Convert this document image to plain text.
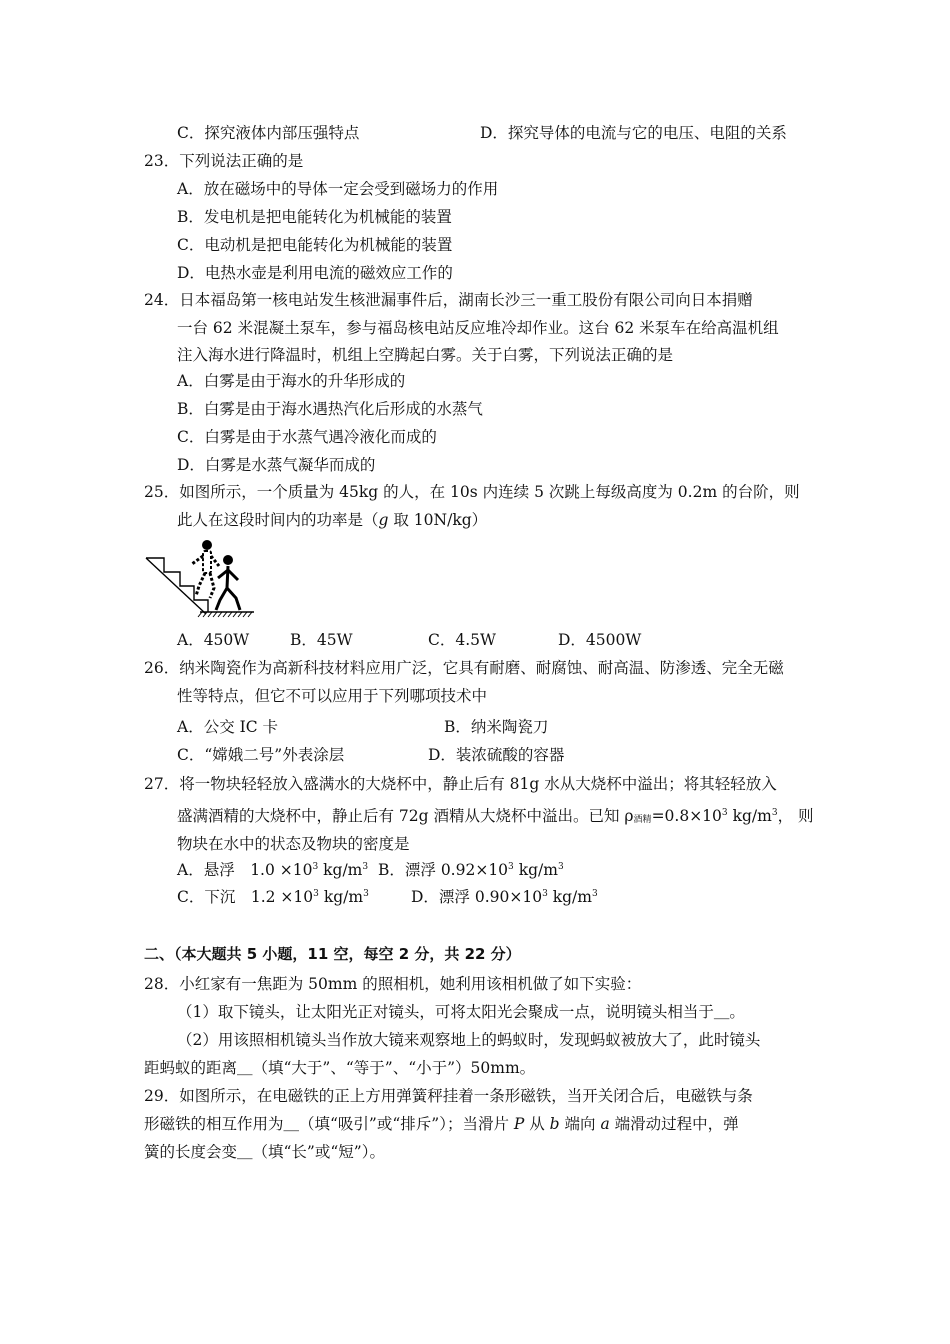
C．探究液体内部压强特点	D．探究导体的电流与它的电压、电阻的关系
23．下列说法正确的是
A．放在磁场中的导体一定会受到磁场力的作用
B．发电机是把电能转化为机械能的装置
C．电动机是把电能转化为机械能的装置
D．电热水壶是利用电流的磁效应工作的
24．日本福岛第一核电站发生核泄漏事件后，湖南长沙三一重工股份有限公司向日本捐赠
一台 62 米混凝土泵车，参与福岛核电站反应堆冷却作业。这台 62 米泵车在给高温机组
注入海水进行降温时，机组上空腾起白雾。关于白雾，下列说法正确的是
A．白雾是由于海水的升华形成的
B．白雾是由于海水遇热汽化后形成的水蒸气
C．白雾是由于水蒸气遇冷液化而成的
D．白雾是水蒸气凝华而成的
25．如图所示，一个质量为 45kg 的人，在 10s 内连续 5 次跳上每级高度为 0.2m 的台阶，则
此人在这段时间内的功率是（g 取 10N/kg）
A．450W	B．45W	C．4.5W	D．4500W
26．纳米陶瓷作为高新科技材料应用广泛，它具有耐磨、耐腐蚀、耐高温、防渗透、完全无磁
性等特点，但它不可以应用于下列哪项技术中
A．公交 IC 卡	B．纳米陶瓷刀
C．“嫦娥二号”外表涂层	D．装浓硫酸的容器
27．将一物块轻轻放入盛满水的大烧杯中，静止后有 81g 水从大烧杯中溢出；将其轻轻放入
盛满酒精的大烧杯中，静止后有 72g 酒精从大烧杯中溢出。已知 $\rho_{酒精}=0.8\times 10^3$ $kg/m^3$， 则
物块在水中的状态及物块的密度是
A．悬浮　$1.0 \times 10^3$ $kg/m^3$ B．漂浮 $0.92\times 10^3$ $kg/m^3$
C．下沉　$1.2 \times 10^3$ $kg/m^3$	D．漂浮 $0.90\times 10^3$ $kg/m^3$
二、（本大题共 5 小题，11 空，每空 2 分，共 22 分）
28．小红家有一焦距为 50mm 的照相机，她利用该相机做了如下实验：
（1）取下镜头，让太阳光正对镜头，可将太阳光会聚成一点，说明镜头相当于＿。
（2）用该照相机镜头当作放大镜来观察地上的蚂蚁时，发现蚂蚁被放大了，此时镜头
距蚂蚁的距离＿（填“大于”、“等于”、“小于”）50mm。
29．如图所示，在电磁铁的正上方用弹簧秤挂着一条形磁铁，当开关闭合后，电磁铁与条
形磁铁的相互作用为＿（填“吸引”或“排斥”）；当滑片 P 从 b 端向 a 端滑动过程中，弹
簧的长度会变＿（填“长”或“短”）。
